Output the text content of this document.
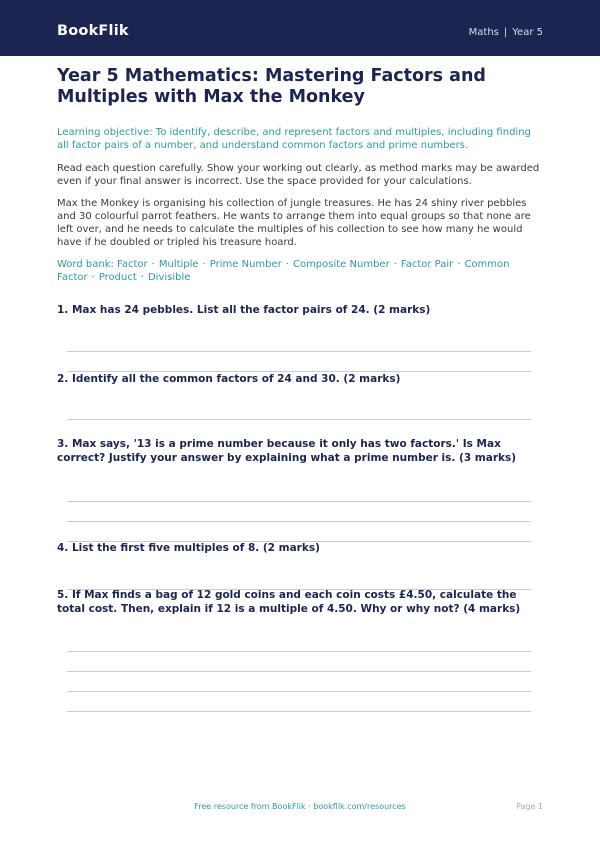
BookFlik	Maths | Year 5
Year 5 Mathematics: Mastering Factors and Multiples with Max the Monkey

Learning objective: To identify, describe, and represent factors and multiples, including finding all factor pairs of a number, and understand common factors and prime numbers.

Read each question carefully. Show your working out clearly, as method marks may be awarded even if your final answer is incorrect. Use the space provided for your calculations.

Max the Monkey is organising his collection of jungle treasures. He has 24 shiny river pebbles and 30 colourful parrot feathers. He wants to arrange them into equal groups so that none are left over, and he needs to calculate the multiples of his collection to see how many he would have if he doubled or tripled his treasure hoard.

Word bank: Factor · Multiple · Prime Number · Composite Number · Factor Pair · Common Factor · Product · Divisible

1. Max has 24 pebbles. List all the factor pairs of 24. (2 marks)
2. Identify all the common factors of 24 and 30. (2 marks)
3. Max says, '13 is a prime number because it only has two factors.' Is Max correct? Justify your answer by explaining what a prime number is. (3 marks)
4. List the first five multiples of 8. (2 marks)
5. If Max finds a bag of 12 gold coins and each coin costs £4.50, calculate the total cost. Then, explain if 12 is a multiple of 4.50. Why or why not? (4 marks)
Free resource from BookFlik · bookflik.com/resources	Page 1
